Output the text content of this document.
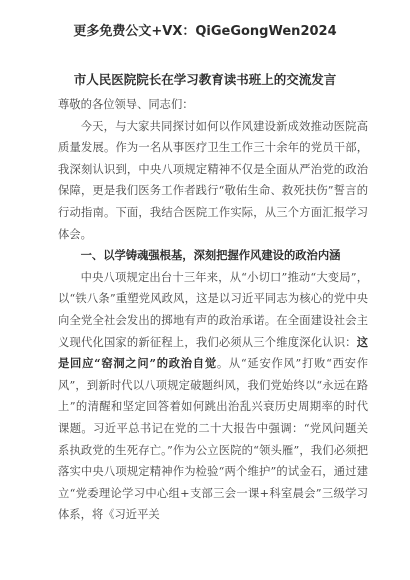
更多免费公文+VX：QiGeGongWen2024
市人民医院院长在学习教育读书班上的交流发言

尊敬的各位领导、同志们：

今天，与大家共同探讨如何以作风建设新成效推动医院高质量发展。作为一名从事医疗卫生工作三十余年的党员干部，我深刻认识到，中央八项规定精神不仅是全面从严治党的政治保障，更是我们医务工作者践行“敬佑生命、救死扶伤”誓言的行动指南。下面，我结合医院工作实际，从三个方面汇报学习体会。

一、以学铸魂强根基，深刻把握作风建设的政治内涵

中央八项规定出台十三年来，从“小切口”推动“大变局”，以“铁八条”重塑党风政风，这是以习近平同志为核心的党中央向全党全社会发出的掷地有声的政治承诺。在全面建设社会主义现代化国家的新征程上，我们必须从三个维度深化认识：这是回应“窑洞之问”的政治自觉。从“延安作风”打败“西安作风”，到新时代以八项规定破题纠风，我们党始终以“永远在路上”的清醒和坚定回答着如何跳出治乱兴衰历史周期率的时代课题。习近平总书记在党的二十大报告中强调：“党风问题关系执政党的生死存亡。”作为公立医院的“领头雁”，我们必须把落实中央八项规定精神作为检验“两个维护”的试金石，通过建立“党委理论学习中心组+支部三会一课+科室晨会”三级学习体系，将《习近平关
